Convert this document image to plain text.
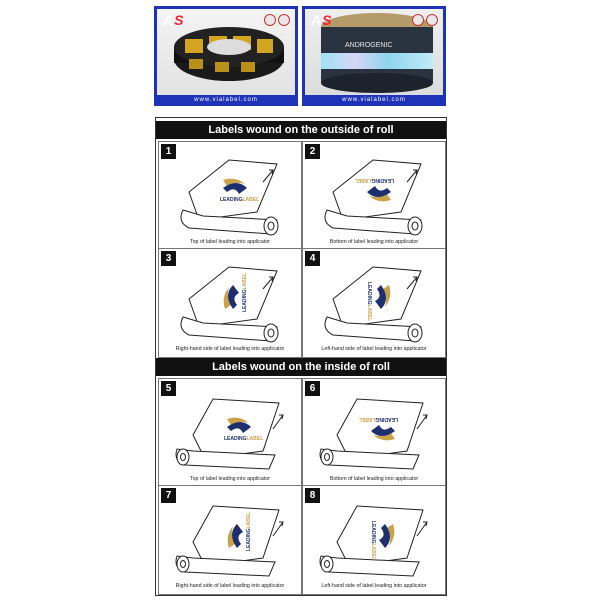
AS
www.vialabel.com
ANDROGENIC
AS
www.vialabel.com
Labels wound on the outside of roll
Labels wound on the inside of roll
1
LEADINGLABEL
Top of label leading into applicator
2
LEADINGLABEL
Bottom of label leading into applicator
3
LEADINGLABEL
Right-hand side of label leading into applicator
4
LEADINGLABEL
Left-hand side of label leading into applicator
5
LEADINGLABEL
Top of label leading into applicator
6
LEADINGLABEL
Bottom of label leading into applicator
7
LEADINGLABEL
Right-hand side of label leading into applicator
8
LEADINGLABEL
Left-hand side of label leading into applicator
